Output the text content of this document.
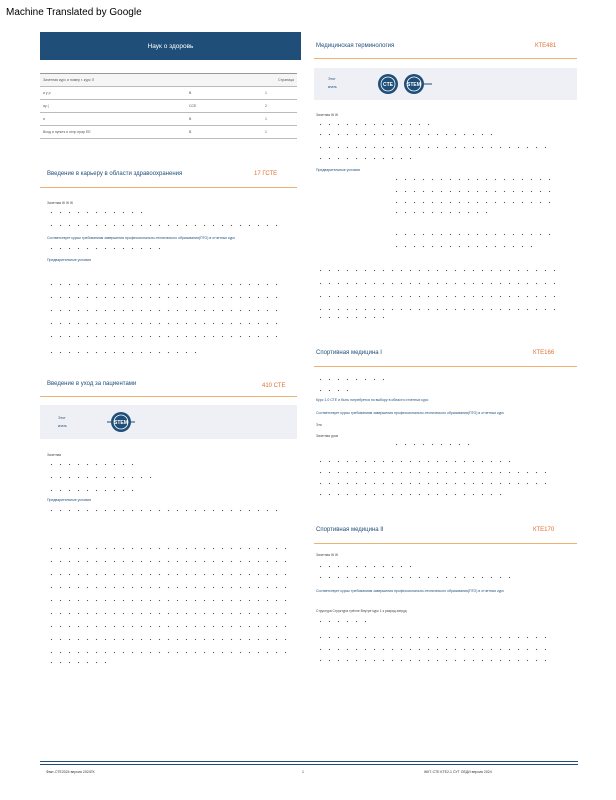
Machine Translated by Google
Наук о здоровь
Зачетная курс и номер г. курс Л		Страница
и у р	В	1
ау (	ССЕ	2
и	В	1
Вход и пунктк и отпр ерар ЕЕ	В	1
Введение в карьеру в области здравоохранения	17 ГСТЕ
Зачетная Ж Ж Ж
Соответствует курсы требованиям завершения профессионально-технического образования(ПТО) в отчетных курс
Предварительные условия
Введение в уход за пациентами	410 СТЕ
Этот
кнать	STEM
Зачетная
Предварительные условия
Медицинская терминология	КТЕ481
Этот
кнать	CTE	STEM
Зачетная Ж Ж
Предварительные условия
Спортивная медицина I	КТЕ166
Курс 1.0 СТЕ и быть потребуется по выбору в области отчетных курс
Соответствует курсы требованиям завершения профессионально-технического образования(ПТО) в отчетных курс
Эти
Зачетная уров
Спортивная медицина II	КТЕ170
Зачетная Ж Ж
Соответствует курсы требованиям завершения профессионально-технического образования(ПТО) в отчетных курс
Структура Структура трёхле Внутре курс 1 к разряд затруд
Факт-СТЕ2024 версия 2024ГК	1	ЖКТ-СТЕ КТЕ2-1 СУТ ОЕДИ версия 2024
